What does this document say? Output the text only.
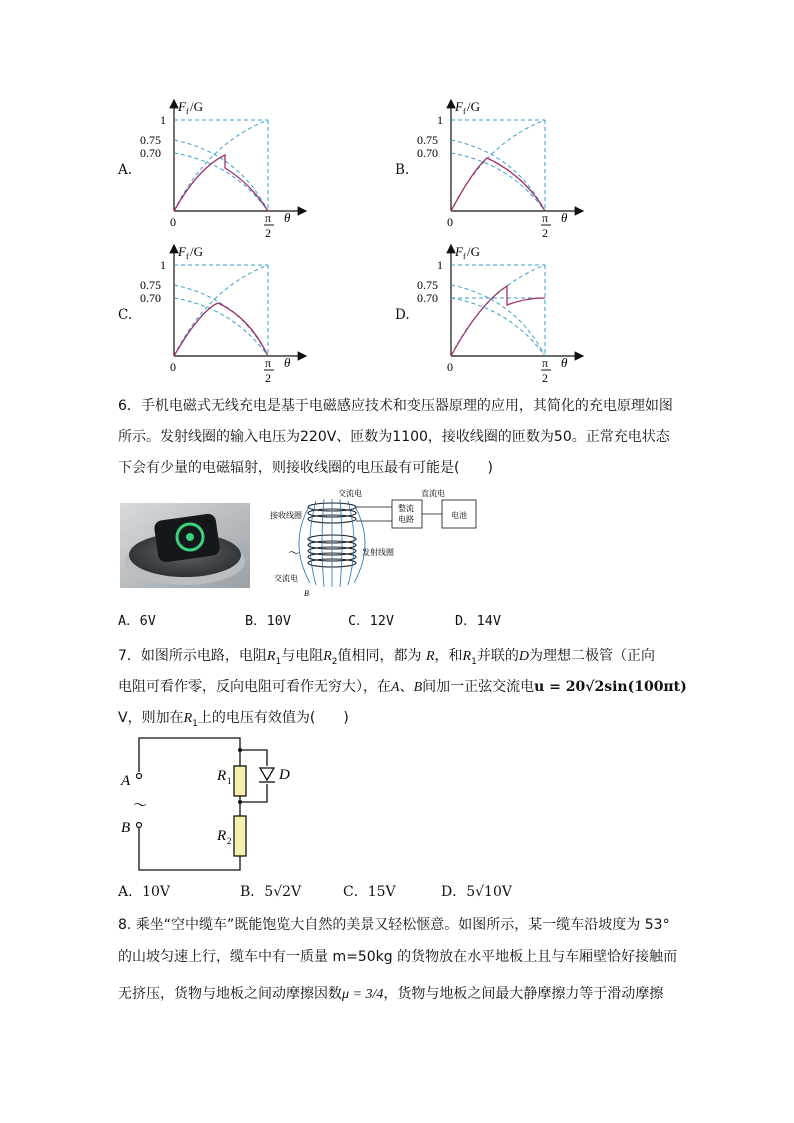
A.
F f /G
1
0.75
0.70
0	π
2
θ
B.
F f /G
1
0.75
0.70
0	π
2
θ
C.
F f /G
1
0.75
0.70
0	π
2
θ
D.
F f /G
1
0.75
0.70
0	π
2
θ
6．手机电磁式无线充电是基于电磁感应技术和变压器原理的应用，其简化的充电原理如图
所示。发射线圈的输入电压为220V、匝数为1100，接收线圈的匝数为50。正常充电状态
下会有少量的电磁辐射，则接收线圈的电压最有可能是(　　)
交流电	直流电
接收线圈
整流
电路	电池
～	发射线圈
交流电
B
A．6V	B．10V	C．12V	D．14V
7．如图所示电路，电阻$R_1$与电阻$R_2$值相同，都为 R，和$R_1$并联的D为理想二极管（正向
电阻可看作零，反向电阻可看作无穷大），在A、B间加一正弦交流电u = 20√2sin(100πt)
V，则加在$R_1$上的电压有效值为(　　)
A
～
B
R 1
R 2
D
A．10V	B．5√2V	C．15V	D．5√10V
8. 乘坐“空中缆车”既能饱览大自然的美景又轻松惬意。如图所示，某一缆车沿坡度为 53°
的山坡匀速上行，缆车中有一质量 m=50kg 的货物放在水平地板上且与车厢壁恰好接触而
无挤压，货物与地板之间动摩擦因数μ = 3/4，货物与地板之间最大静摩擦力等于滑动摩擦
